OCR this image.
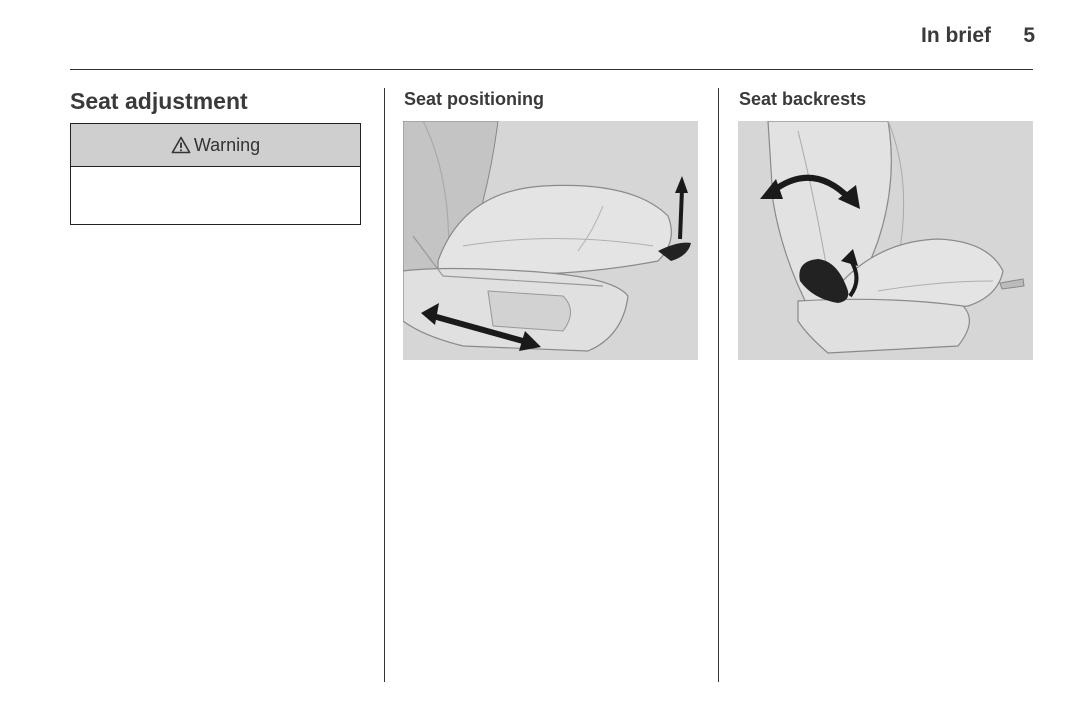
In brief 5
Seat adjustment
Warning
Seat positioning	Seat backrests
